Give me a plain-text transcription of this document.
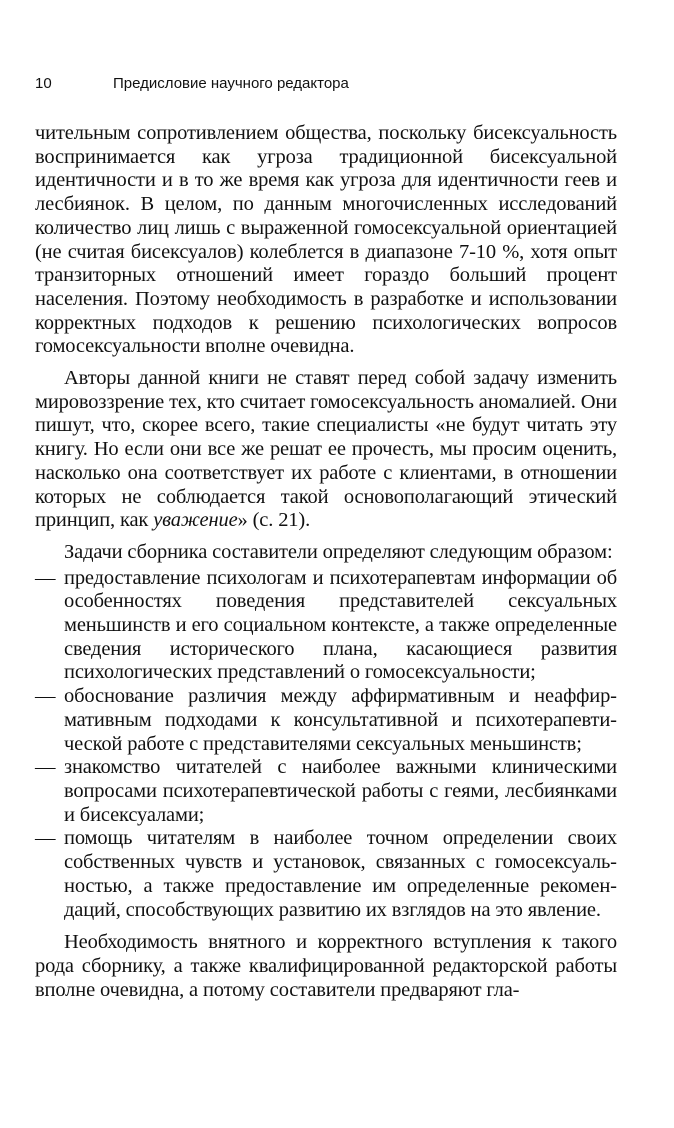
10	Предисловие научного редактора

чительным сопротивлением общества, поскольку бисексуальность воспринимается как угроза традиционной бисексуальной идентичности и в то же время как угроза для идентичности геев и лесбиянок. В целом, по данным многочисленных исследований количество лиц лишь с выраженной гомосексуальной ориентацией (не считая бисексуалов) колеблется в диапазоне 7-10 %, хотя опыт транзиторных отношений имеет гораздо больший процент населения. Поэтому необходимость в разработке и использовании корректных подходов к решению психологических вопросов гомосексуальности вполне очевидна.

Авторы данной книги не ставят перед собой задачу изменить мировоззрение тех, кто считает гомосексуальность аномалией. Они пишут, что, скорее всего, такие специалисты «не будут читать эту книгу. Но если они все же решат ее прочесть, мы просим оценить, насколько она соответствует их работе с клиентами, в отношении которых не соблюдается такой основополагающий этический принцип, как уважение» (с. 21).

Задачи сборника составители определяют следующим образом:

— предоставление психологам и психотерапевтам информации об особенностях поведения представителей сексуальных меньшинств и его социальном контексте, а также определенные сведения исторического плана, касающиеся развития психологических представлений о гомосексуальности;
— обоснование различия между аффирмативным и неаффирмативным подходами к консультативной и психотерапевтической работе с представителями сексуальных меньшинств;
— знакомство читателей с наиболее важными клиническими вопросами психотерапевтической работы с геями, лесбиянками и бисексуалами;
— помощь читателям в наиболее точном определении своих собственных чувств и установок, связанных с гомосексуальностью, а также предоставление им определенные рекомендаций, способствующих развитию их взглядов на это явление.

Необходимость внятного и корректного вступления к такого рода сборнику, а также квалифицированной редакторской работы вполне очевидна, а потому составители предваряют гла-
